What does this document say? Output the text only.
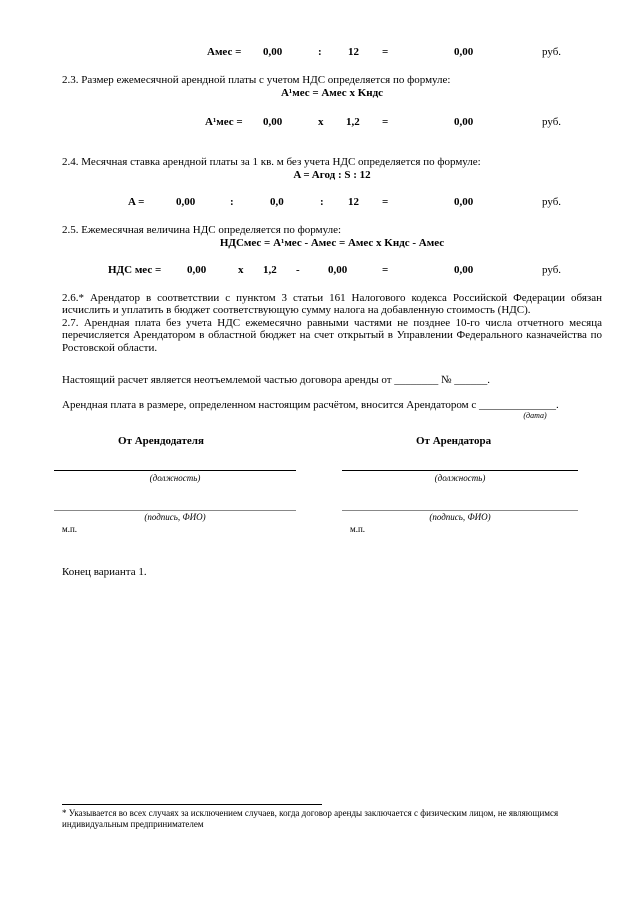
Aмес = 0,00	: 12 =	0,00	руб.
2.3. Размер ежемесячной арендной платы с учетом НДС определяется по формуле:
A¹мес = Aмес x Kндс
A¹мес = 0,00	x 1,2 =	0,00	руб.
2.4. Месячная ставка арендной платы за 1 кв. м без учета НДС определяется по формуле:
A = Aгод : S : 12
A =	0,00	:	0,0	: 12 =	0,00	руб.
2.5. Ежемесячная величина НДС определяется по формуле:
НДСмес = A¹мес - Aмес = Aмес x Kндс - Aмес
НДС мес = 0,00	x 1,2 -	0,00	=	0,00	руб.
2.6.* Арендатор в соответствии с пунктом 3 статьи 161 Налогового кодекса Российской Федерации обязан исчислить и уплатить в бюджет соответствующую сумму налога на добавленную стоимость (НДС).
2.7. Арендная плата без учета НДС ежемесячно равными частями не позднее 10-го числа отчетного месяца перечисляется Арендатором в областной бюджет на счет открытый в Управлении Федерального казначейства по Ростовской области.
Настоящий расчет является неотъемлемой частью договора аренды от ________ № ______.
Арендная плата в размере, определенном настоящим расчётом, вносится Арендатором с ______________.
(дата)
От Арендодателя	От Арендатора
(должность)	(должность)
(подпись, ФИО)	(подпись, ФИО)
м.п.	м.п.
Конец варианта 1.
* Указывается во всех случаях за исключением случаев, когда договор аренды заключается с физическим лицом, не являющимся индивидуальным предпринимателем
